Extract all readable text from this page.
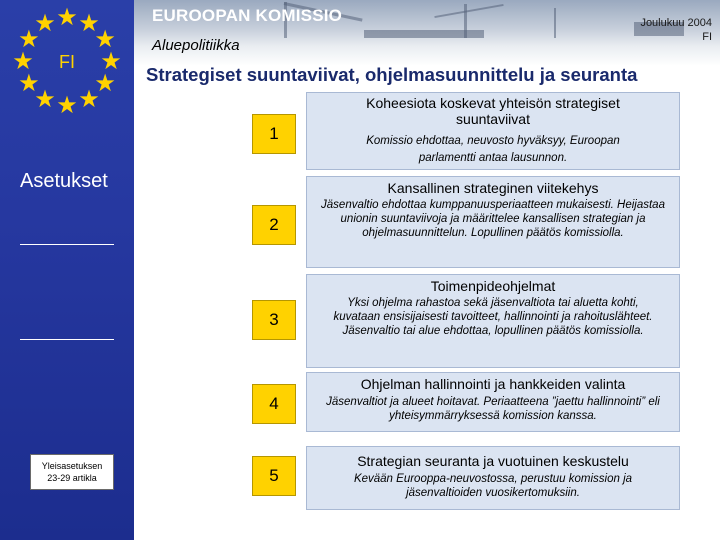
★ ★
★
★
★
★
★
★
★
★
★
★
FI
Asetukset
Yleisasetuksen
23-29 artikla
EUROOPAN KOMISSIO
Aluepolitiikka
Joulukuu 2004
FI
Strategiset suuntaviivat, ohjelmasuunnittelu ja seuranta
1
2
3
4
5
Koheesiota koskevat yhteisön strategiset suuntaviivat
Komissio ehdottaa, neuvosto hyväksyy, Euroopan parlamentti antaa lausunnon.
Kansallinen strateginen viitekehys
Jäsenvaltio ehdottaa kumppanuusperiaatteen mukaisesti. Heijastaa unionin suuntaviivoja ja määrittelee kansallisen strategian ja ohjelmasuunnittelun. Lopullinen päätös komissiolla.
Toimenpideohjelmat
Yksi ohjelma rahastoa sekä jäsenvaltiota tai aluetta kohti, kuvataan ensisijaisesti tavoitteet, hallinnointi ja rahoituslähteet. Jäsenvaltio tai alue ehdottaa, lopullinen päätös komissiolla.
Ohjelman hallinnointi ja hankkeiden valinta
Jäsenvaltiot ja alueet hoitavat. Periaatteena ”jaettu hallinnointi” eli yhteisymmärryksessä komission kanssa.
Strategian seuranta ja vuotuinen keskustelu
Kevään Eurooppa-neuvostossa, perustuu komission ja jäsenvaltioiden vuosikertomuksiin.
